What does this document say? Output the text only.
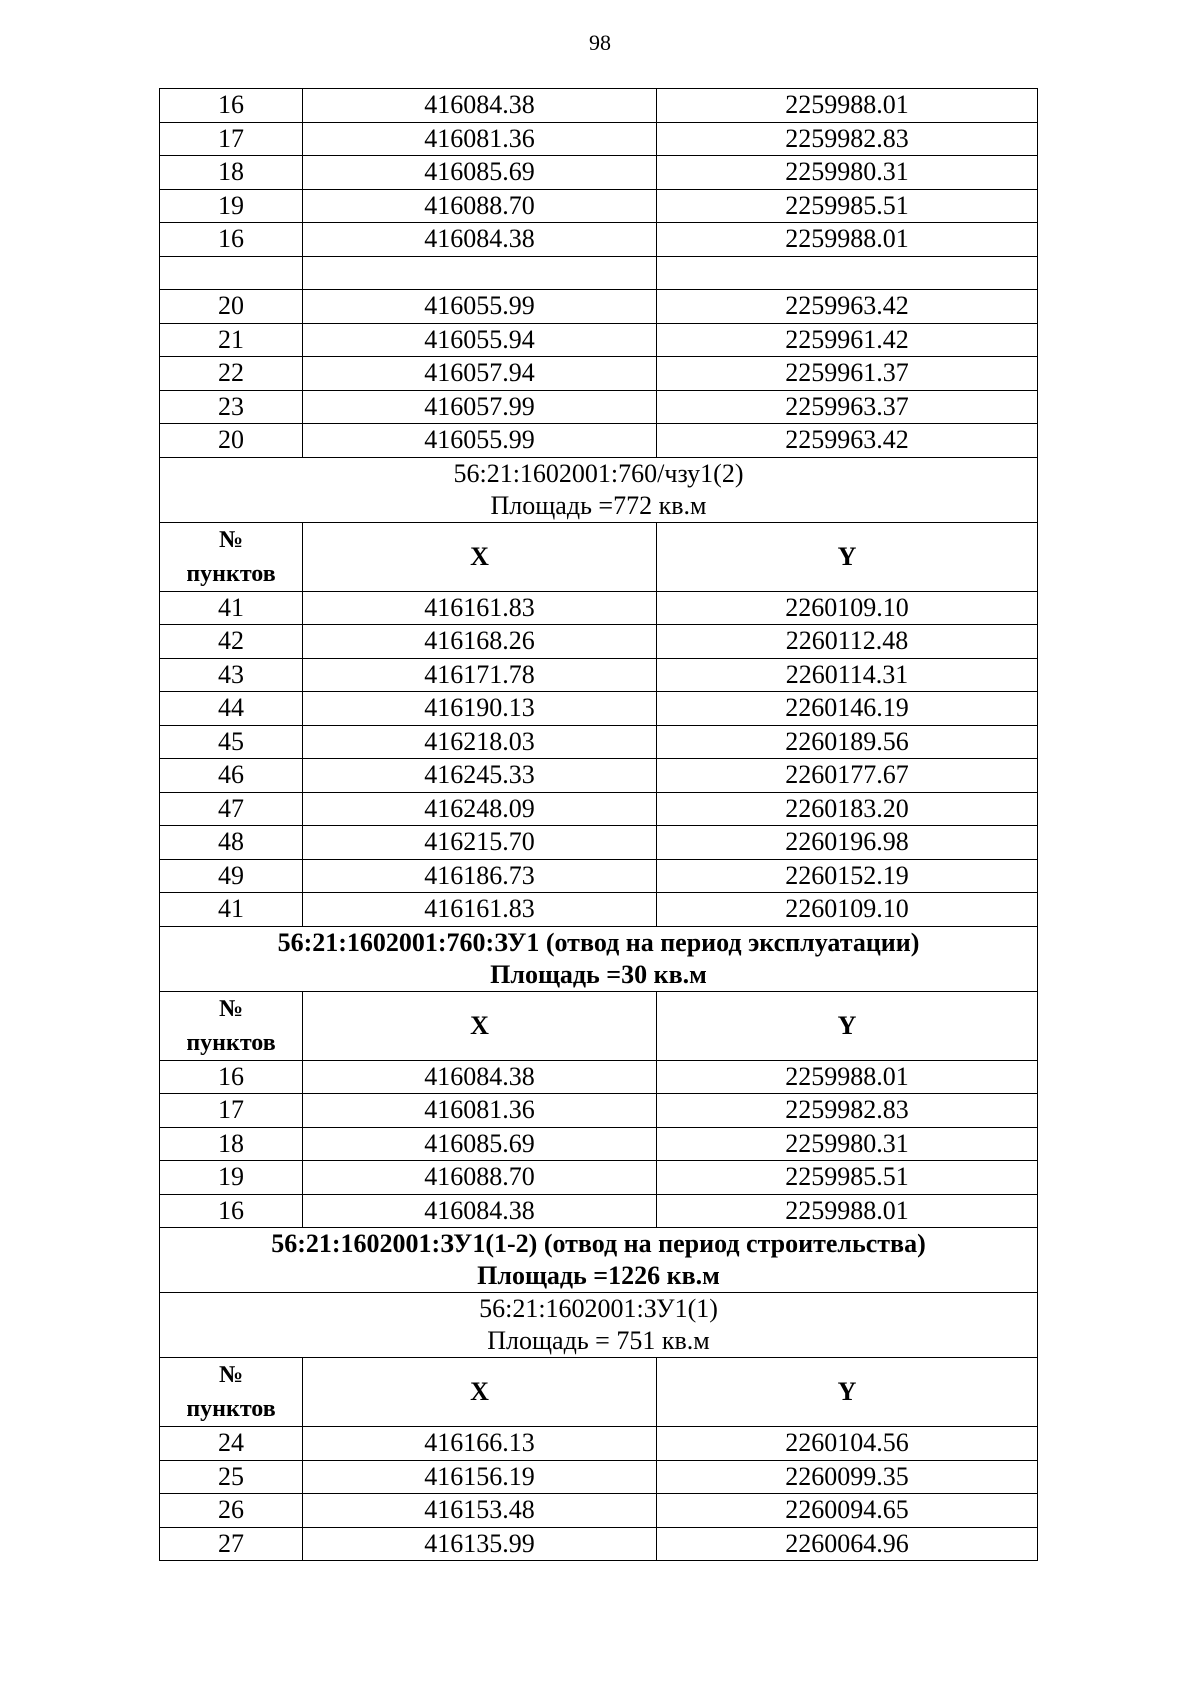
98
16	416084.38	2259988.01
17	416081.36	2259982.83
18	416085.69	2259980.31
19	416088.70	2259985.51
16	416084.38	2259988.01

20	416055.99	2259963.42
21	416055.94	2259961.42
22	416057.94	2259961.37
23	416057.99	2259963.37
20	416055.99	2259963.42

56:21:1602001:760/чзу1(2)
Площадь =772 кв.м		

№
пунктов	X	Y
41	416161.83	2260109.10
42	416168.26	2260112.48
43	416171.78	2260114.31
44	416190.13	2260146.19
45	416218.03	2260189.56
46	416245.33	2260177.67
47	416248.09	2260183.20
48	416215.70	2260196.98
49	416186.73	2260152.19
41	416161.83	2260109.10

56:21:1602001:760:ЗУ1 (отвод на период эксплуатации)
Площадь =30 кв.м		

№
пунктов	X	Y
16	416084.38	2259988.01
17	416081.36	2259982.83
18	416085.69	2259980.31
19	416088.70	2259985.51
16	416084.38	2259988.01

56:21:1602001:ЗУ1(1-2) (отвод на период строительства)
Площадь =1226 кв.м		

56:21:1602001:ЗУ1(1)
Площадь = 751 кв.м		

№
пунктов	X	Y
24	416166.13	2260104.56
25	416156.19	2260099.35
26	416153.48	2260094.65
27	416135.99	2260064.96
